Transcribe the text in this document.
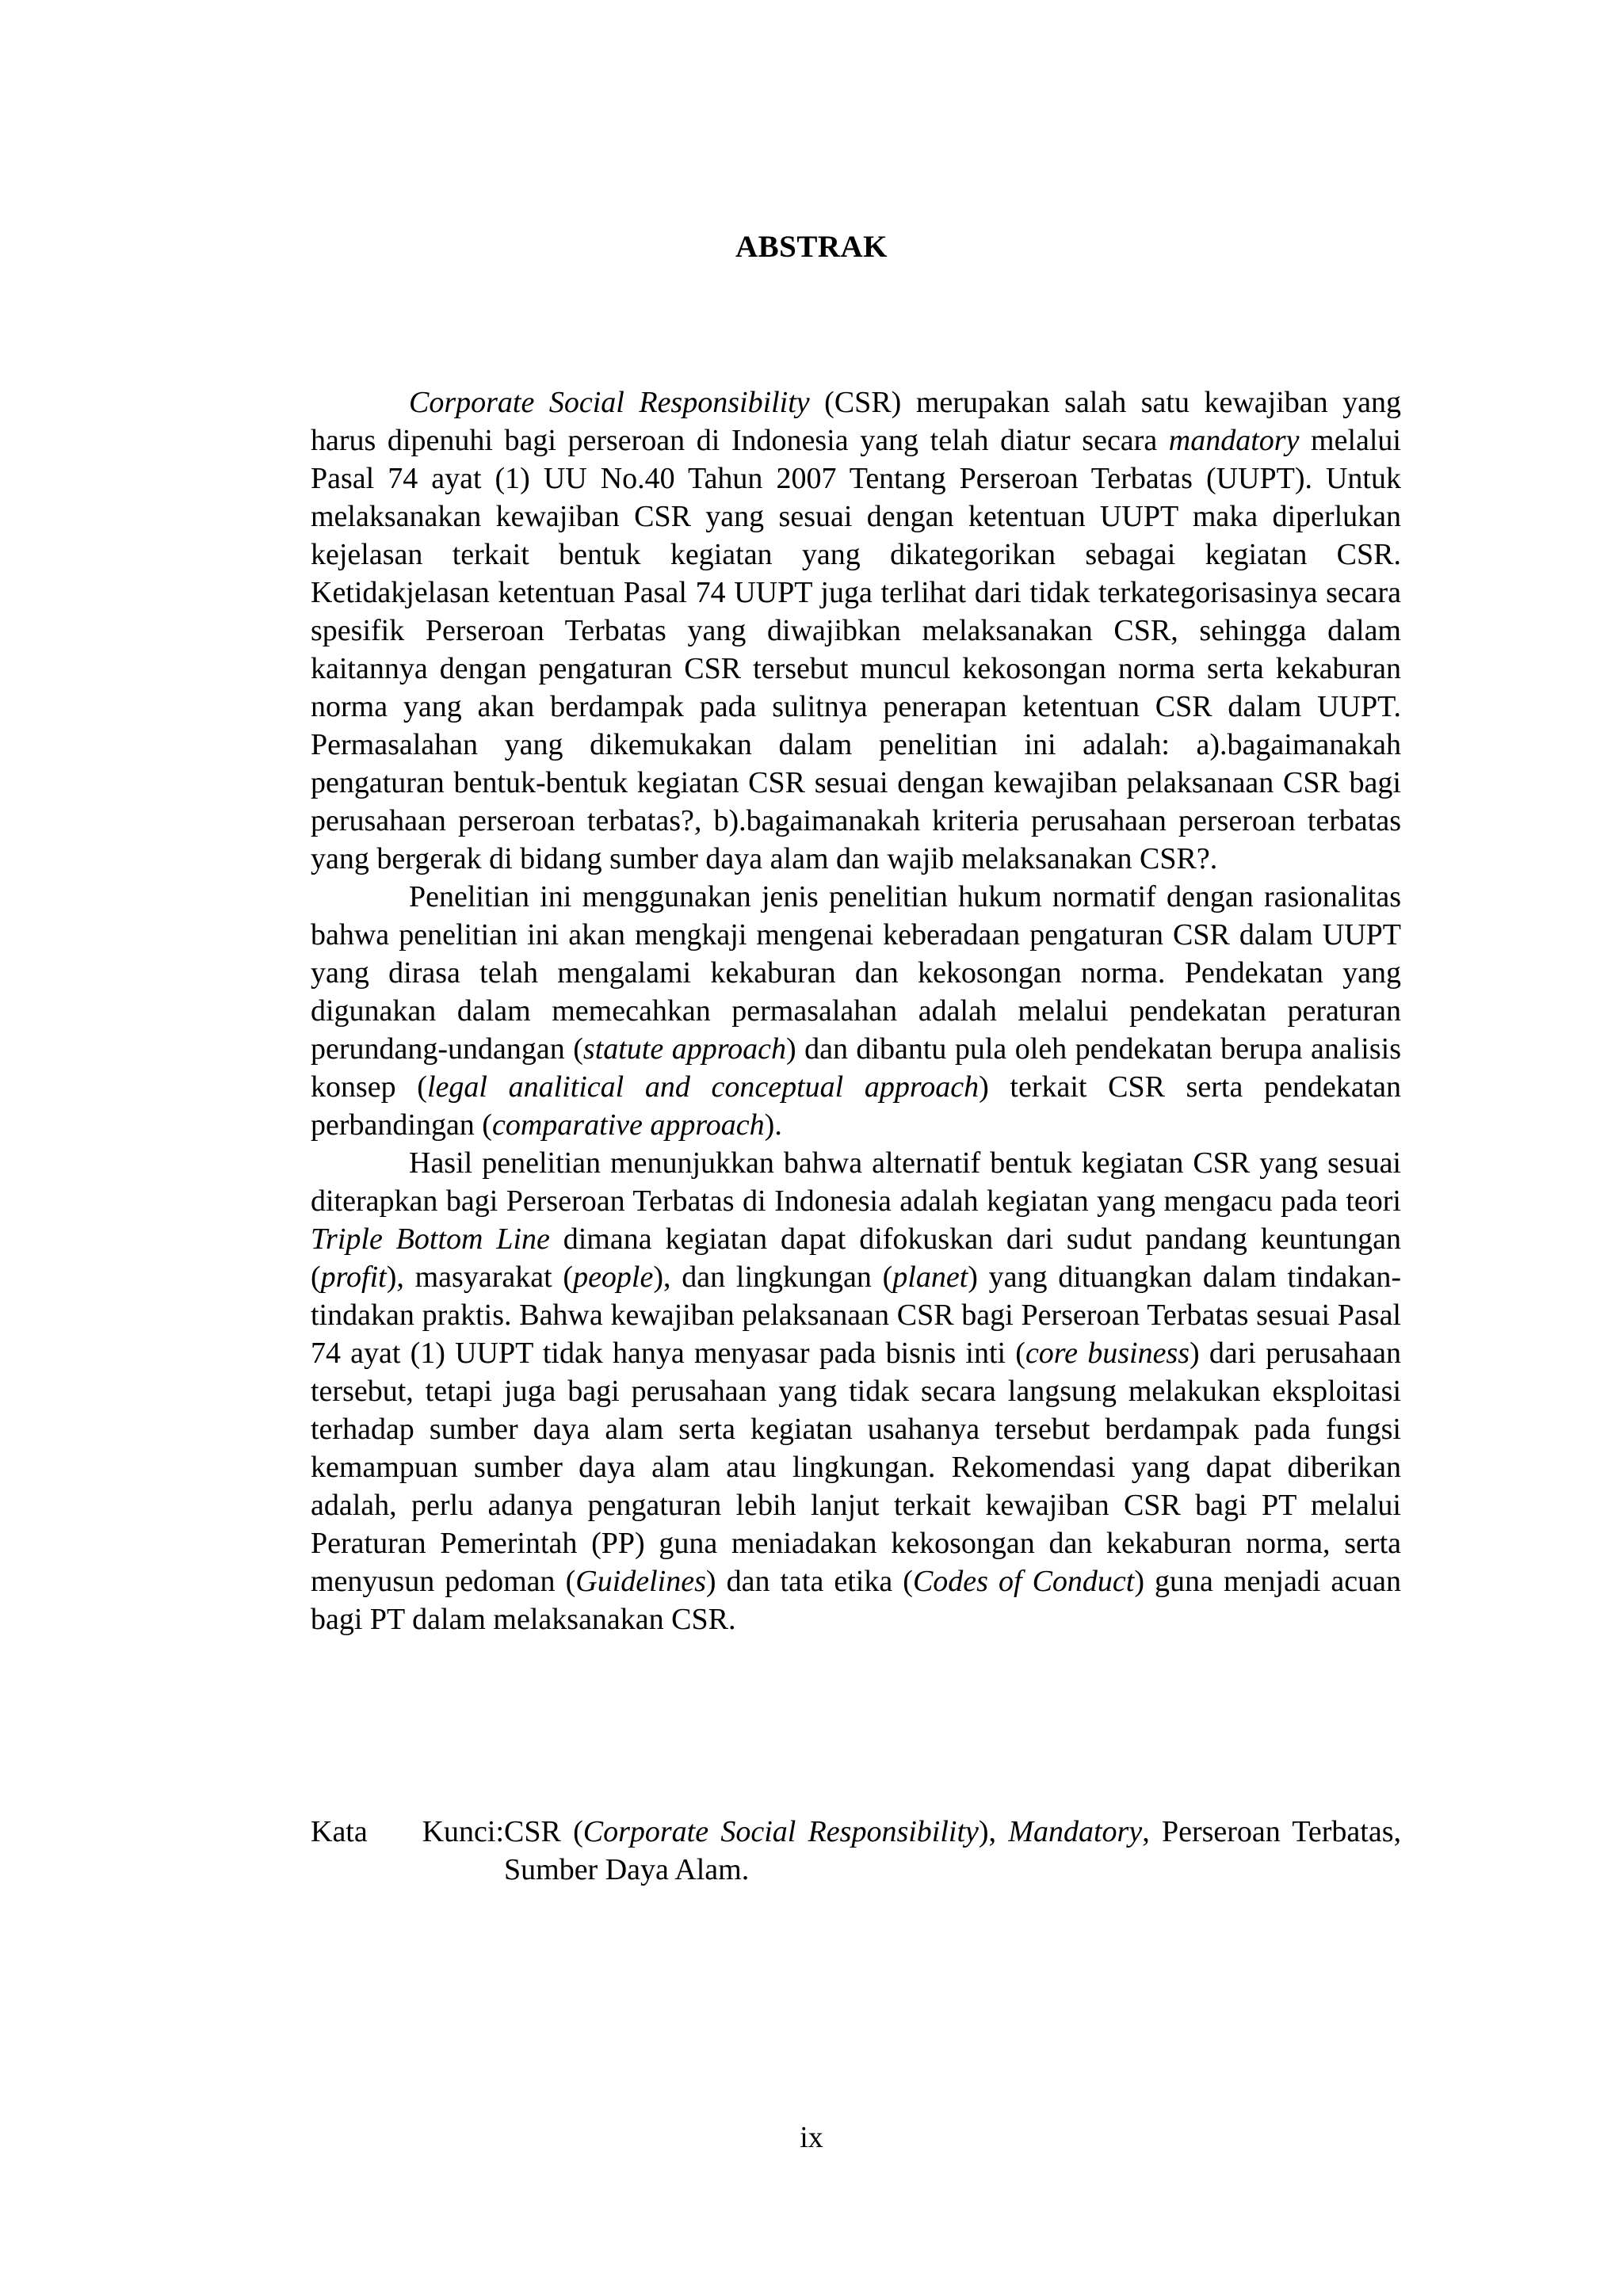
ABSTRAK

Corporate Social Responsibility (CSR) merupakan salah satu kewajiban yang harus dipenuhi bagi perseroan di Indonesia yang telah diatur secara mandatory melalui Pasal 74 ayat (1) UU No.40 Tahun 2007 Tentang Perseroan Terbatas (UUPT). Untuk melaksanakan kewajiban CSR yang sesuai dengan ketentuan UUPT maka diperlukan kejelasan terkait bentuk kegiatan yang dikategorikan sebagai kegiatan CSR. Ketidakjelasan ketentuan Pasal 74 UUPT juga terlihat dari tidak terkategorisasinya secara spesifik Perseroan Terbatas yang diwajibkan melaksanakan CSR, sehingga dalam kaitannya dengan pengaturan CSR tersebut muncul kekosongan norma serta kekaburan norma yang akan berdampak pada sulitnya penerapan ketentuan CSR dalam UUPT. Permasalahan yang dikemukakan dalam penelitian ini adalah: a).bagaimanakah pengaturan bentuk-bentuk kegiatan CSR sesuai dengan kewajiban pelaksanaan CSR bagi perusahaan perseroan terbatas?, b).bagaimanakah kriteria perusahaan perseroan terbatas yang bergerak di bidang sumber daya alam dan wajib melaksanakan CSR?.

Penelitian ini menggunakan jenis penelitian hukum normatif dengan rasionalitas bahwa penelitian ini akan mengkaji mengenai keberadaan pengaturan CSR dalam UUPT yang dirasa telah mengalami kekaburan dan kekosongan norma. Pendekatan yang digunakan dalam memecahkan permasalahan adalah melalui pendekatan peraturan perundang-undangan (statute approach) dan dibantu pula oleh pendekatan berupa analisis konsep (legal analitical and conceptual approach) terkait CSR serta pendekatan perbandingan (comparative approach).

Hasil penelitian menunjukkan bahwa alternatif bentuk kegiatan CSR yang sesuai diterapkan bagi Perseroan Terbatas di Indonesia adalah kegiatan yang mengacu pada teori Triple Bottom Line dimana kegiatan dapat difokuskan dari sudut pandang keuntungan (profit), masyarakat (people), dan lingkungan (planet) yang dituangkan dalam tindakan-tindakan praktis. Bahwa kewajiban pelaksanaan CSR bagi Perseroan Terbatas sesuai Pasal 74 ayat (1) UUPT tidak hanya menyasar pada bisnis inti (core business) dari perusahaan tersebut, tetapi juga bagi perusahaan yang tidak secara langsung melakukan eksploitasi terhadap sumber daya alam serta kegiatan usahanya tersebut berdampak pada fungsi kemampuan sumber daya alam atau lingkungan. Rekomendasi yang dapat diberikan adalah, perlu adanya pengaturan lebih lanjut terkait kewajiban CSR bagi PT melalui Peraturan Pemerintah (PP) guna meniadakan kekosongan dan kekaburan norma, serta menyusun pedoman (Guidelines) dan tata etika (Codes of Conduct) guna menjadi acuan bagi PT dalam melaksanakan CSR.

Kata Kunci: CSR (Corporate Social Responsibility), Mandatory, Perseroan Terbatas, Sumber Daya Alam.
ix
